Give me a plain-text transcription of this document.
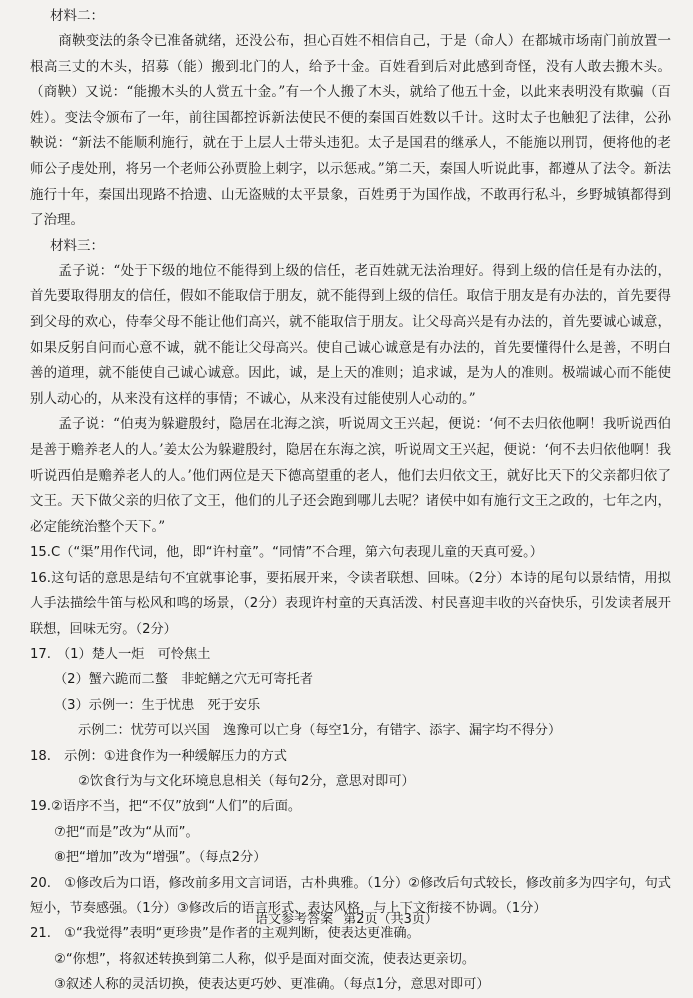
材料二：

商鞅变法的条令已准备就绪，还没公布，担心百姓不相信自己，于是（命人）在都城市场南门前放置一根高三丈的木头，招募（能）搬到北门的人，给予十金。百姓看到后对此感到奇怪，没有人敢去搬木头。（商鞅）又说：“能搬木头的人赏五十金。”有一个人搬了木头，就给了他五十金，以此来表明没有欺骗（百姓）。变法令颁布了一年，前往国都控诉新法使民不便的秦国百姓数以千计。这时太子也触犯了法律，公孙鞅说：“新法不能顺利施行，就在于上层人士带头违犯。太子是国君的继承人，不能施以刑罚，便将他的老师公子虔处刑，将另一个老师公孙贾脸上刺字，以示惩戒。”第二天，秦国人听说此事，都遵从了法令。新法施行十年，秦国出现路不拾遗、山无盗贼的太平景象，百姓勇于为国作战，不敢再行私斗，乡野城镇都得到了治理。

材料三：

孟子说：“处于下级的地位不能得到上级的信任，老百姓就无法治理好。得到上级的信任是有办法的，首先要取得朋友的信任，假如不能取信于朋友，就不能得到上级的信任。取信于朋友是有办法的，首先要得到父母的欢心，侍奉父母不能让他们高兴，就不能取信于朋友。让父母高兴是有办法的，首先要诚心诚意，如果反躬自问而心意不诚，就不能让父母高兴。使自己诚心诚意是有办法的，首先要懂得什么是善，不明白善的道理，就不能使自己诚心诚意。因此，诚，是上天的准则；追求诚，是为人的准则。极端诚心而不能使别人动心的，从来没有这样的事情；不诚心，从来没有过能使别人心动的。”

孟子说：“伯夷为躲避殷纣，隐居在北海之滨，听说周文王兴起，便说：‘何不去归依他啊！我听说西伯是善于赡养老人的人。’姜太公为躲避殷纣，隐居在东海之滨，听说周文王兴起，便说：‘何不去归依他啊！我听说西伯是赡养老人的人。’他们两位是天下德高望重的老人，他们去归依文王，就好比天下的父亲都归依了文王。天下做父亲的归依了文王，他们的儿子还会跑到哪儿去呢？诸侯中如有施行文王之政的，七年之内，必定能统治整个天下。”

15.C（“渠”用作代词，他，即“许村童”。“同情”不合理，第六句表现儿童的天真可爱。）

16.这句话的意思是结句不宜就事论事，要拓展开来，令读者联想、回味。（2分）本诗的尾句以景结情，用拟人手法描绘牛笛与松风和鸣的场景，（2分）表现许村童的天真活泼、村民喜迎丰收的兴奋快乐，引发读者展开联想，回味无穷。（2分）

17. （1）楚人一炬　可怜焦土

（2）蟹六跪而二螯　非蛇鳝之穴无可寄托者

（3）示例一：生于忧患　死于安乐

示例二：忧劳可以兴国　逸豫可以亡身（每空1分，有错字、添字、漏字均不得分）

18.　示例：①进食作为一种缓解压力的方式

②饮食行为与文化环境息息相关（每句2分，意思对即可）

19.②语序不当，把“不仅”放到“人们”的后面。

⑦把“而是”改为“从而”。

⑧把“增加”改为“增强”。（每点2分）

20.　①修改后为口语，修改前多用文言词语，古朴典雅。（1分）②修改后句式较长，修改前多为四字句，句式短小，节奏感强。（1分）③修改后的语言形式、表达风格，与上下文衔接不协调。（1分）

21.　①“我觉得”表明“更珍贵”是作者的主观判断，使表达更准确。

②“你想”，将叙述转换到第二人称，似乎是面对面交流，使表达更亲切。

③叙述人称的灵活切换，使表达更巧妙、更准确。（每点1分，意思对即可）

语文参考答案 第2页（共3页）
